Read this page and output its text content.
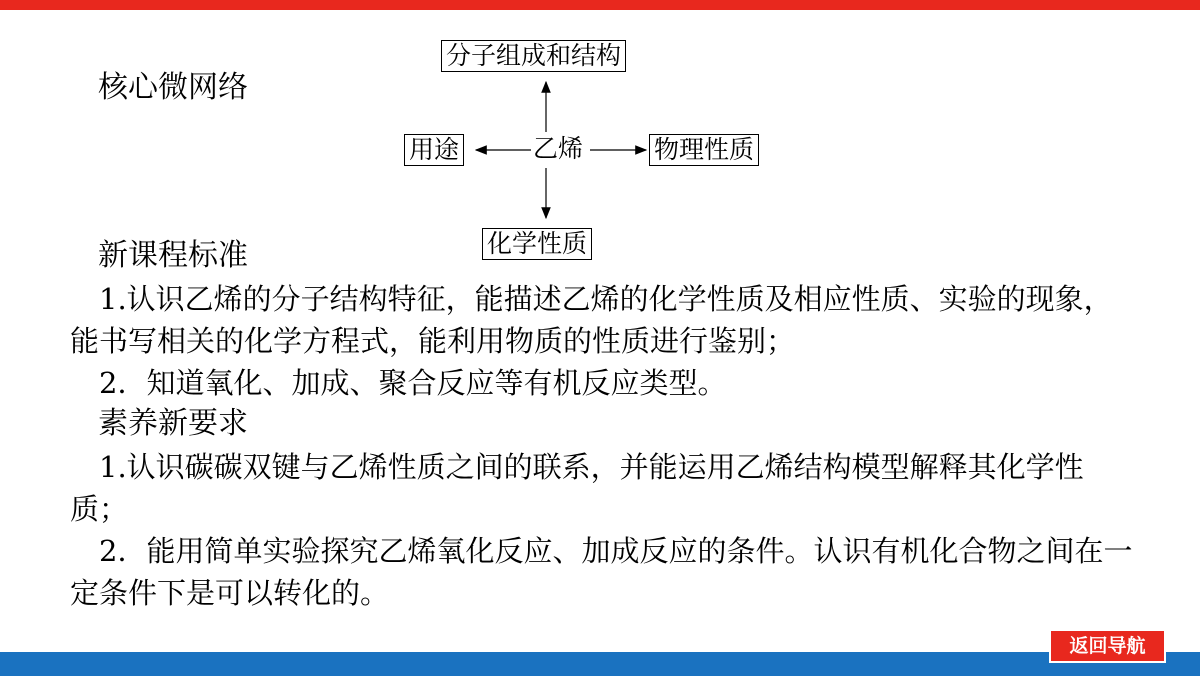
核心微网络
分子组成和结构
用途	乙烯	物理性质
化学性质
新课程标准

1.认识乙烯的分子结构特征，能描述乙烯的化学性质及相应性质、实验的现象，能书写相关的化学方程式，能利用物质的性质进行鉴别；

2．知道氧化、加成、聚合反应等有机反应类型。

素养新要求

1.认识碳碳双键与乙烯性质之间的联系，并能运用乙烯结构模型解释其化学性质；

2．能用简单实验探究乙烯氧化反应、加成反应的条件。认识有机化合物之间在一定条件下是可以转化的。

返回导航
